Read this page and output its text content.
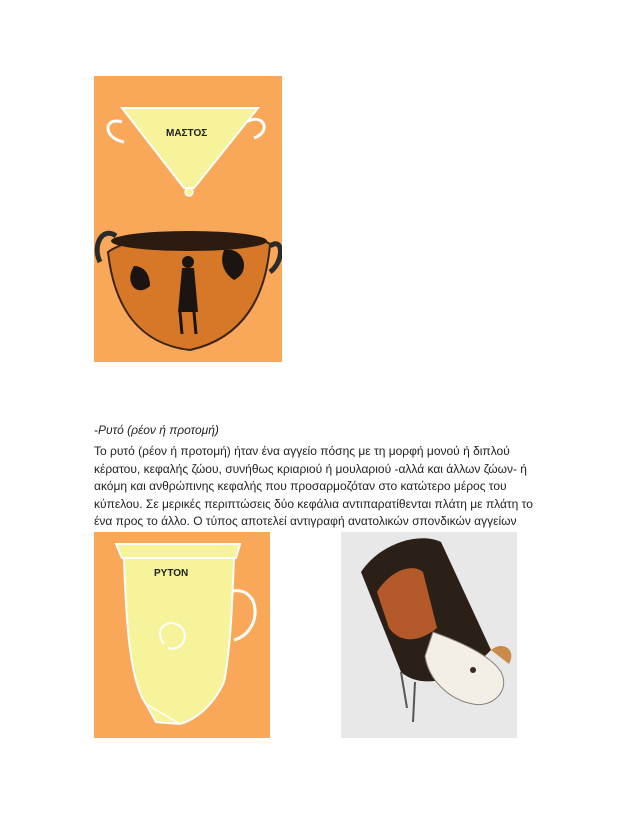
ΜΑΣΤΟΣ
-Ρυτό (ρέον ή προτομή)

Το ρυτό (ρέον ή προτομή) ήταν ένα αγγείο πόσης με τη μορφή μονού ή διπλού κέρατου, κεφαλής ζώου, συνήθως κριαριού ή μουλαριού -αλλά και άλλων ζώων- ή ακόμη και ανθρώπινης κεφαλής που προσαρμοζόταν στο κατώτερο μέρος του κύπελου. Σε μερικές περιπτώσεις δύο κεφάλια αντιπαρατίθενται πλάτη με πλάτη το ένα προς το άλλο. Ο τύπος αποτελεί αντιγραφή ανατολικών σπονδικών αγγείων

ΡΥΤΟΝ
